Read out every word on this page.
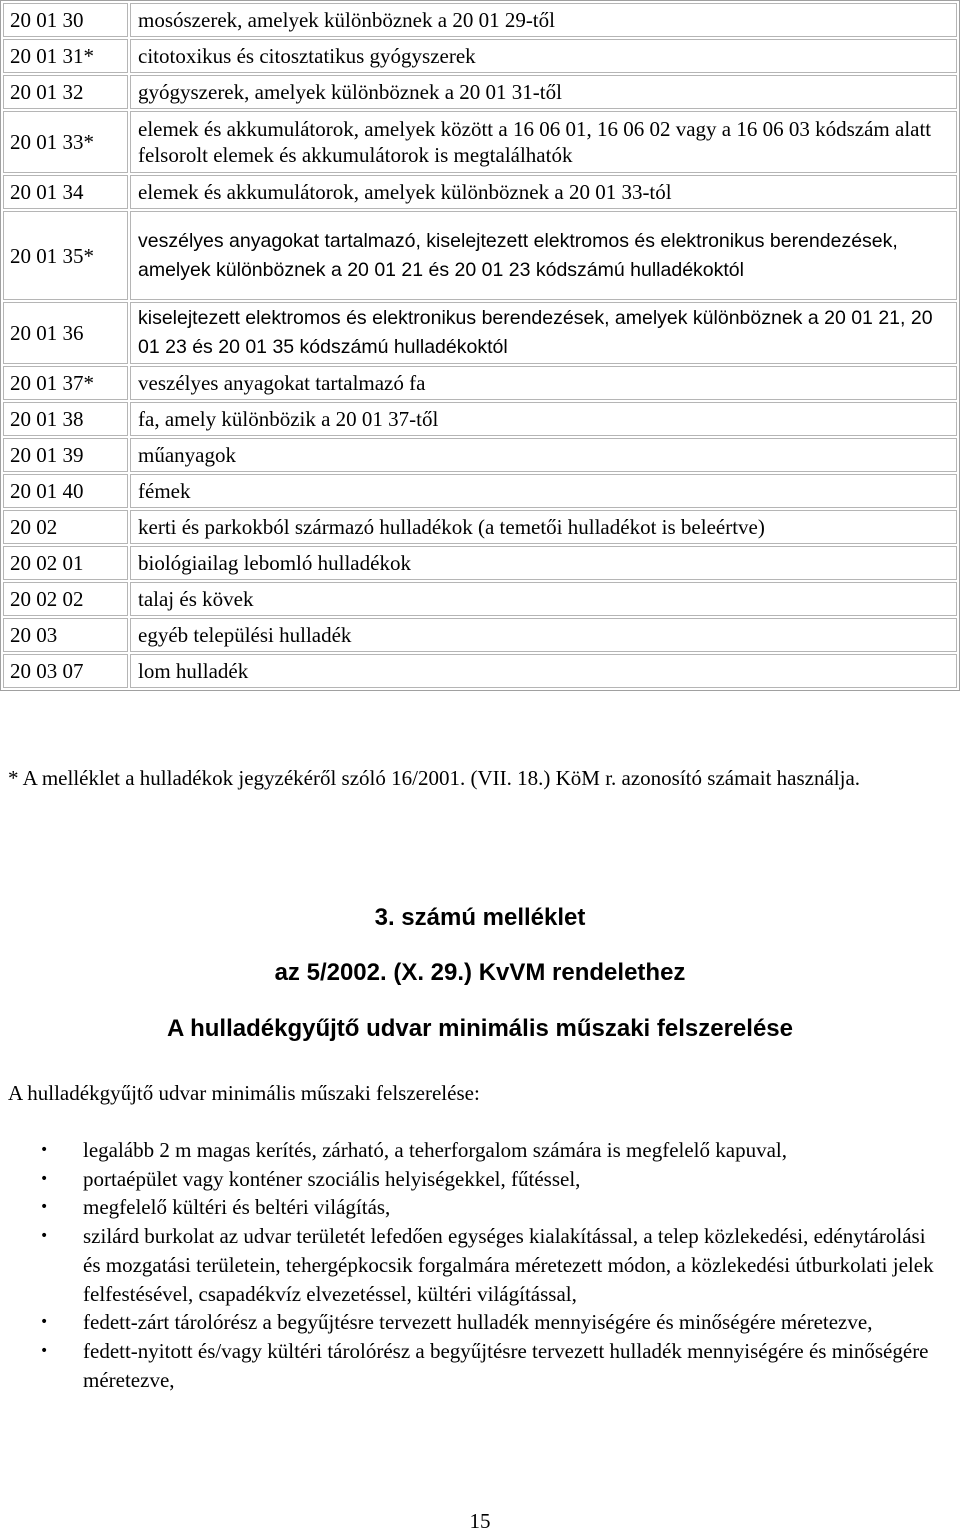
20 01 30	mosószerek, amelyek különböznek a 20 01 29-től
20 01 31*	citotoxikus és citosztatikus gyógyszerek
20 01 32	gyógyszerek, amelyek különböznek a 20 01 31-től
20 01 33*	elemek és akkumulátorok, amelyek között a 16 06 01, 16 06 02 vagy a 16 06 03 kódszám alatt felsorolt elemek és akkumulátorok is megtalálhatók
20 01 34	elemek és akkumulátorok, amelyek különböznek a 20 01 33-tól
20 01 35*	veszélyes anyagokat tartalmazó, kiselejtezett elektromos és elektronikus berendezések, amelyek különböznek a 20 01 21 és 20 01 23 kódszámú hulladékoktól
20 01 36	kiselejtezett elektromos és elektronikus berendezések, amelyek különböznek a 20 01 21, 20 01 23 és 20 01 35 kódszámú hulladékoktól
20 01 37*	veszélyes anyagokat tartalmazó fa
20 01 38	fa, amely különbözik a 20 01 37-től
20 01 39	műanyagok
20 01 40	fémek
20 02	kerti és parkokból származó hulladékok (a temetői hulladékot is beleértve)
20 02 01	biológiailag lebomló hulladékok
20 02 02	talaj és kövek
20 03	egyéb települési hulladék
20 03 07	lom hulladék
* A melléklet a hulladékok jegyzékéről szóló 16/2001. (VII. 18.) KöM r. azonosító számait használja.
3. számú melléklet
az 5/2002. (X. 29.) KvVM rendelethez
A hulladékgyűjtő udvar minimális műszaki felszerelése
A hulladékgyűjtő udvar minimális műszaki felszerelése:
• legalább 2 m magas kerítés, zárható, a teherforgalom számára is megfelelő kapuval,
• portaépület vagy konténer szociális helyiségekkel, fűtéssel,
• megfelelő kültéri és beltéri világítás,
• szilárd burkolat az udvar területét lefedően egységes kialakítással, a telep közlekedési, edénytárolási és mozgatási területein, tehergépkocsik forgalmára méretezett módon, a közlekedési útburkolati jelek felfestésével, csapadékvíz elvezetéssel, kültéri világítással,
• fedett-zárt tárolórész a begyűjtésre tervezett hulladék mennyiségére és minőségére méretezve,
• fedett-nyitott és/vagy kültéri tárolórész a begyűjtésre tervezett hulladék mennyiségére és minőségére méretezve,
15
